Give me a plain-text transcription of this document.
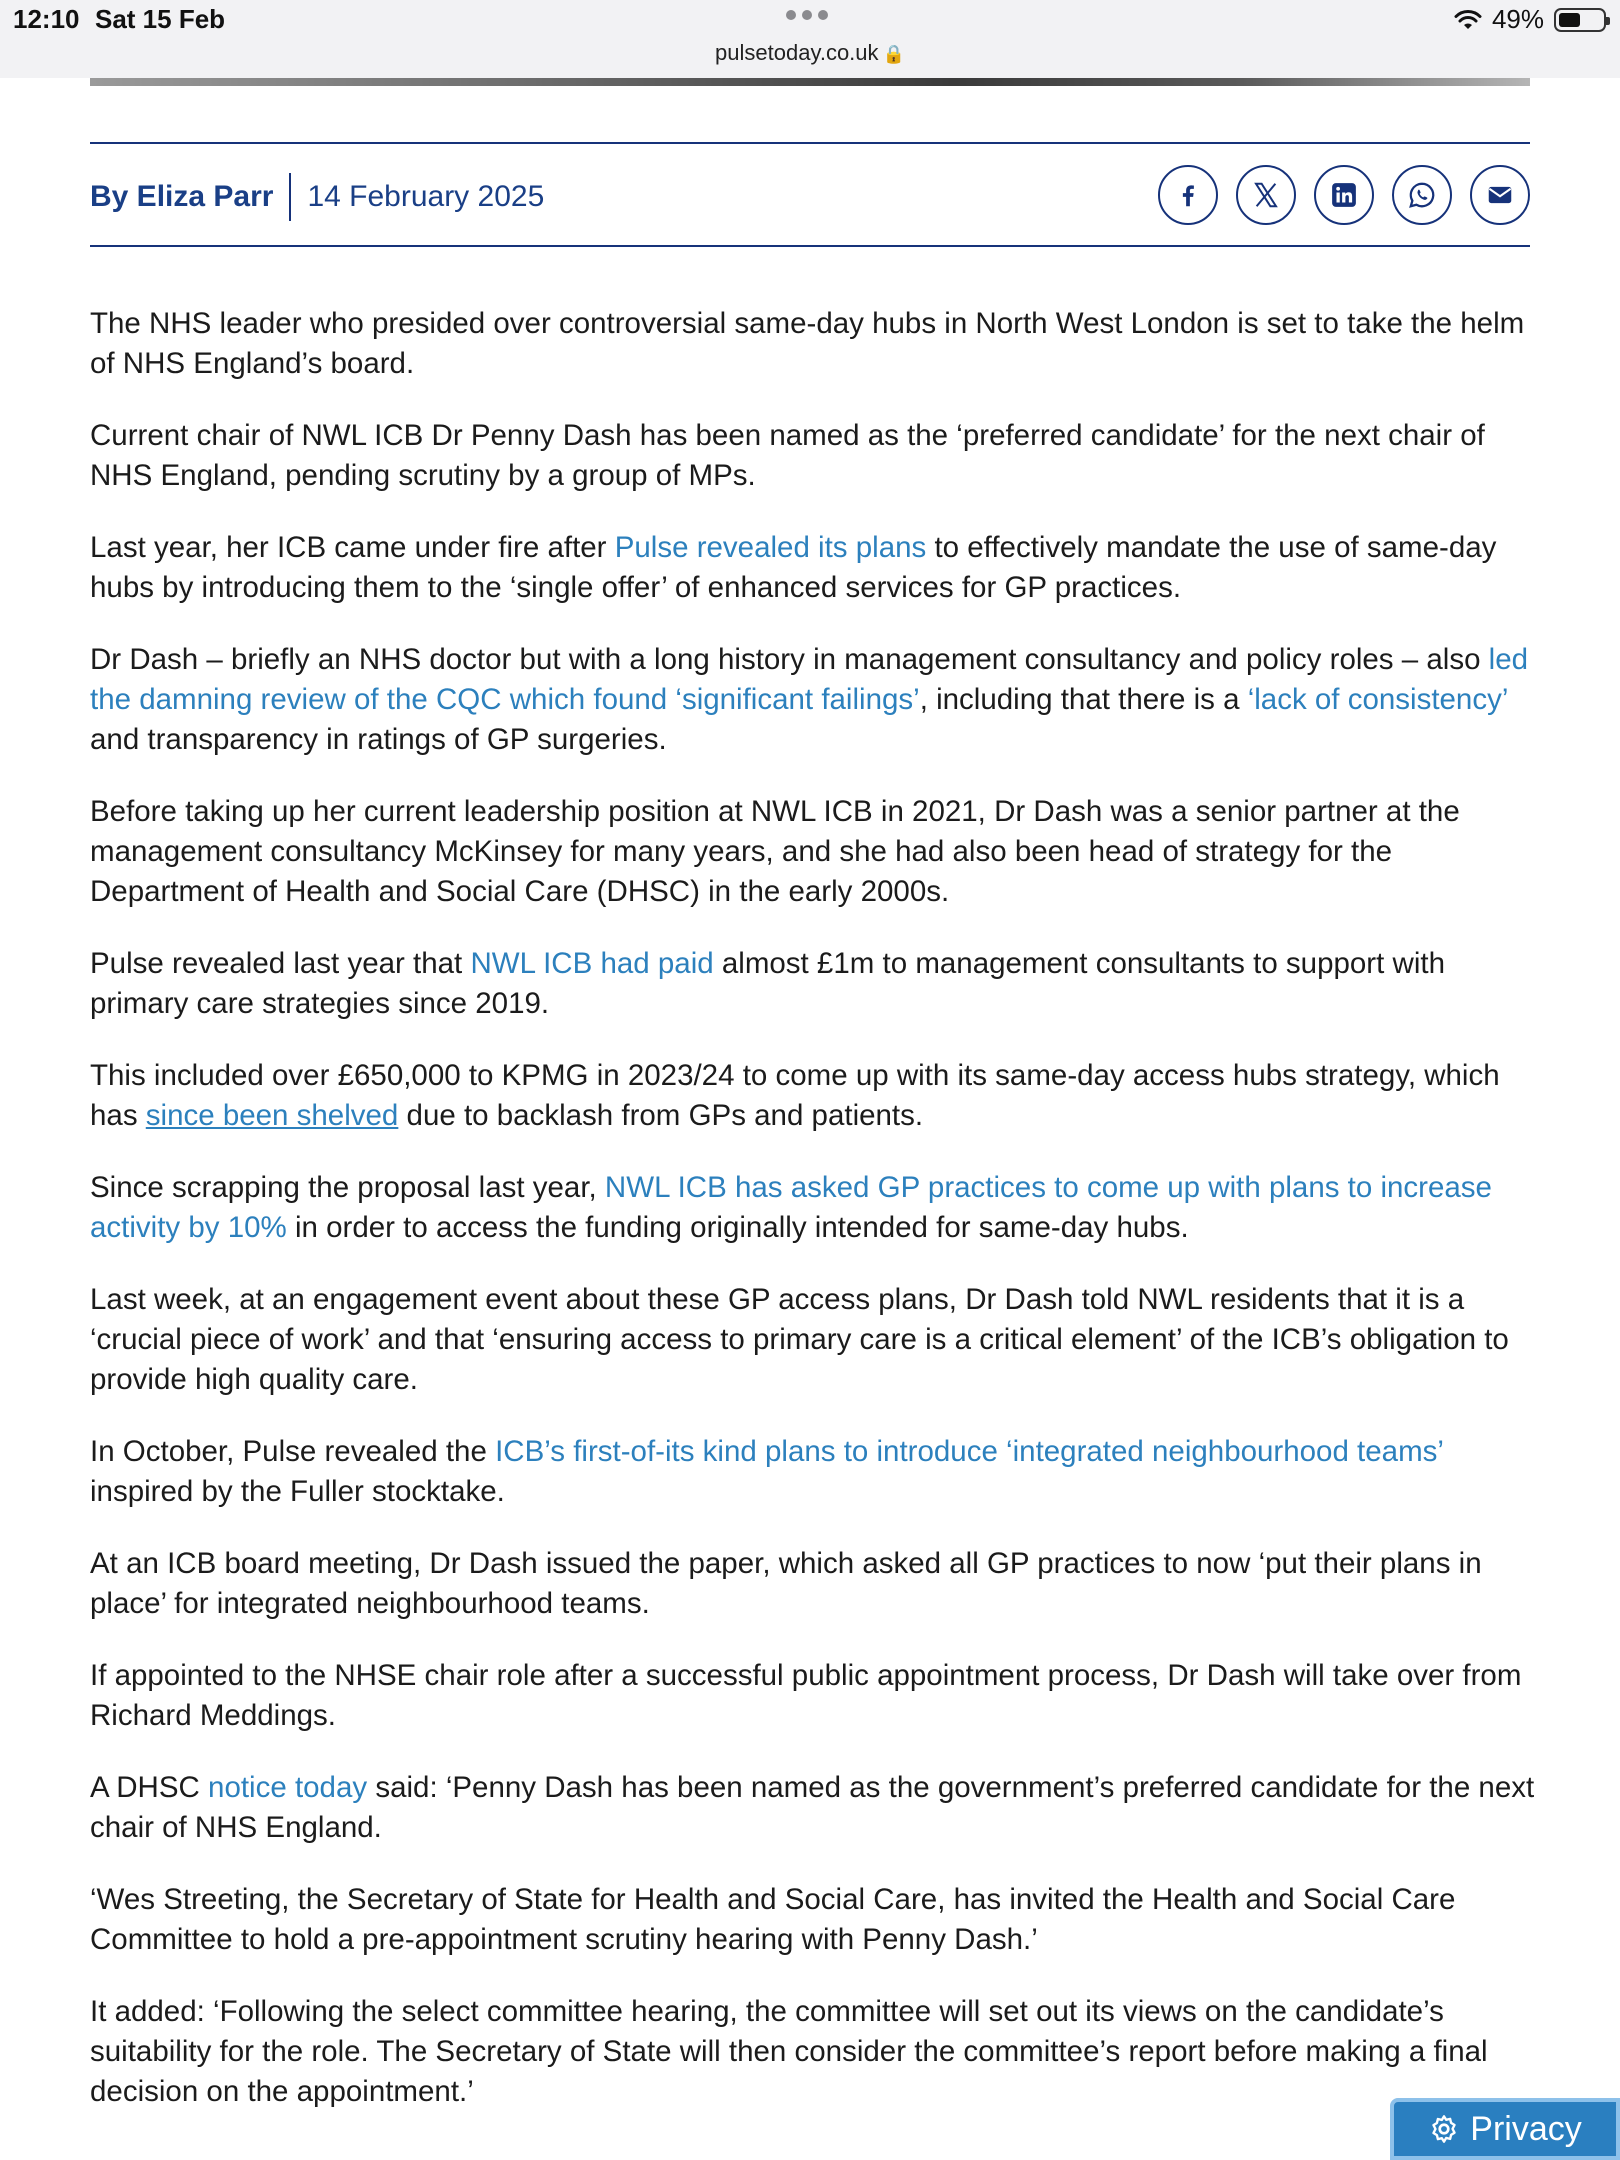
12:10 Sat 15 Feb
pulsetoday.co.uk 🔒
49%
By Eliza Parr 14 February 2025

The NHS leader who presided over controversial same-day hubs in North West London is set to take the helm of NHS England’s board.

Current chair of NWL ICB Dr Penny Dash has been named as the ‘preferred candidate’ for the next chair of NHS England, pending scrutiny by a group of MPs.

Last year, her ICB came under fire after Pulse revealed its plans to effectively mandate the use of same-day hubs by introducing them to the ‘single offer’ of enhanced services for GP practices.

Dr Dash – briefly an NHS doctor but with a long history in management consultancy and policy roles – also led the damning review of the CQC which found ‘significant failings’, including that there is a ‘lack of consistency’ and transparency in ratings of GP surgeries.

Before taking up her current leadership position at NWL ICB in 2021, Dr Dash was a senior partner at the management consultancy McKinsey for many years, and she had also been head of strategy for the Department of Health and Social Care (DHSC) in the early 2000s.

Pulse revealed last year that NWL ICB had paid almost £1m to management consultants to support with primary care strategies since 2019.

This included over £650,000 to KPMG in 2023/24 to come up with its same-day access hubs strategy, which has since been shelved due to backlash from GPs and patients.

Since scrapping the proposal last year, NWL ICB has asked GP practices to come up with plans to increase activity by 10% in order to access the funding originally intended for same-day hubs.

Last week, at an engagement event about these GP access plans, Dr Dash told NWL residents that it is a ‘crucial piece of work’ and that ‘ensuring access to primary care is a critical element’ of the ICB’s obligation to provide high quality care.

In October, Pulse revealed the ICB’s first-of-its kind plans to introduce ‘integrated neighbourhood teams’ inspired by the Fuller stocktake.

At an ICB board meeting, Dr Dash issued the paper, which asked all GP practices to now ‘put their plans in place’ for integrated neighbourhood teams.

If appointed to the NHSE chair role after a successful public appointment process, Dr Dash will take over from Richard Meddings.

A DHSC notice today said: ‘Penny Dash has been named as the government’s preferred candidate for the next chair of NHS England.

‘Wes Streeting, the Secretary of State for Health and Social Care, has invited the Health and Social Care Committee to hold a pre-appointment scrutiny hearing with Penny Dash.’

It added: ‘Following the select committee hearing, the committee will set out its views on the candidate’s suitability for the role. The Secretary of State will then consider the committee’s report before making a final decision on the appointment.’

Privacy
